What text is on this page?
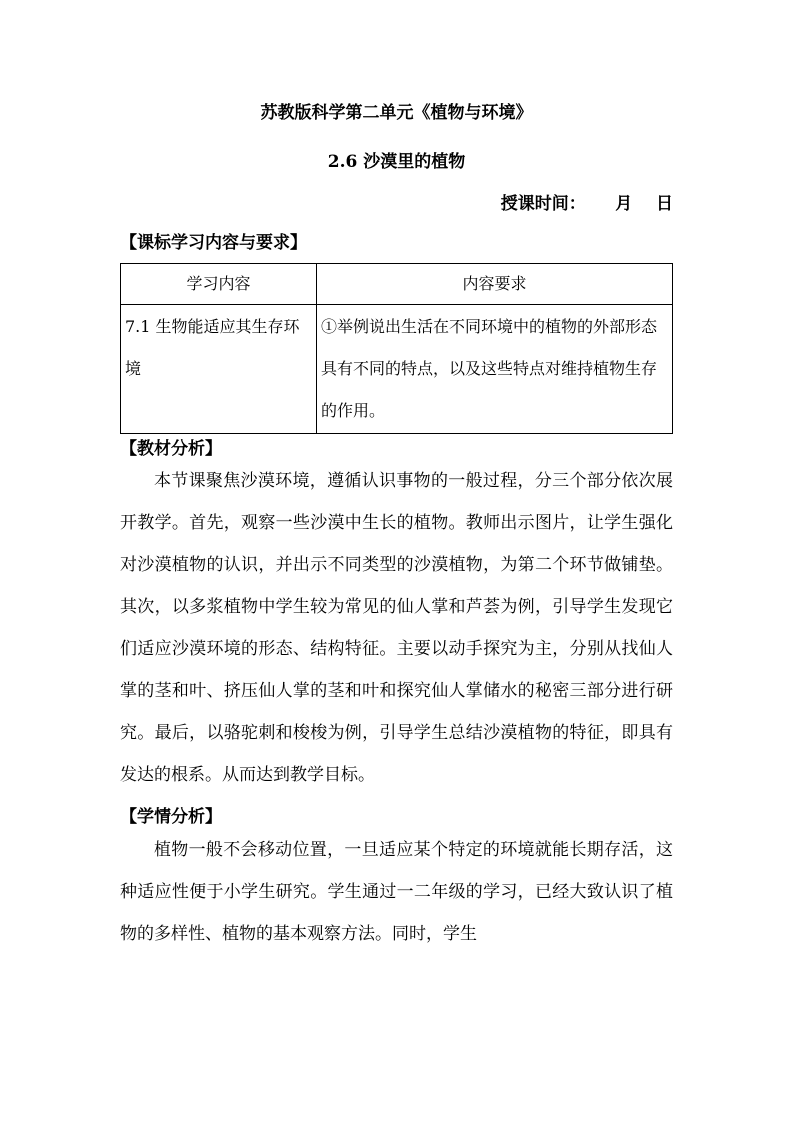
苏教版科学第二单元《植物与环境》
2.6 沙漠里的植物
授课时间：     月    日
【课标学习内容与要求】
学习内容	内容要求
7.1 生物能适应其生存环境	①举例说出生活在不同环境中的植物的外部形态具有不同的特点，以及这些特点对维持植物生存的作用。
【教材分析】

本节课聚焦沙漠环境，遵循认识事物的一般过程，分三个部分依次展开教学。首先，观察一些沙漠中生长的植物。教师出示图片，让学生强化对沙漠植物的认识，并出示不同类型的沙漠植物，为第二个环节做铺垫。其次，以多浆植物中学生较为常见的仙人掌和芦荟为例，引导学生发现它们适应沙漠环境的形态、结构特征。主要以动手探究为主，分别从找仙人掌的茎和叶、挤压仙人掌的茎和叶和探究仙人掌储水的秘密三部分进行研究。最后，以骆驼刺和梭梭为例，引导学生总结沙漠植物的特征，即具有发达的根系。从而达到教学目标。

【学情分析】

植物一般不会移动位置，一旦适应某个特定的环境就能长期存活，这种适应性便于小学生研究。学生通过一二年级的学习，已经大致认识了植物的多样性、植物的基本观察方法。同时，学生
